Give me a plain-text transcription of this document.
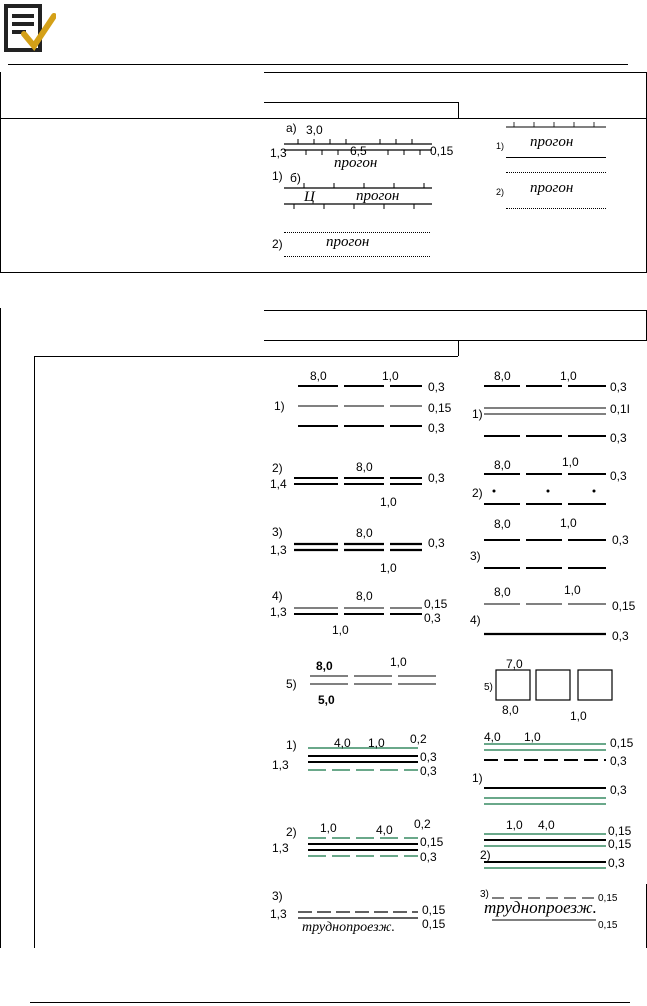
а) 3,0
1,3	6,5	0,15
прогон
1) б)
Ц	прогон
2)	прогон
1) прогон
2) прогон
8,0	1,0
0,3
1)	0,15
0,3
2)	8,0
1,4	0,3
1,0
3)	8,0
1,3	0,3
1,0
4)	8,0
1,3
0,15
0,3
1,0
8,0	1,0
5)
5,0
1)	4,0 1,0 0,2
0,3
1,3	0,3
2) 1,0	4,0 0,2
1,3	0,15
0,3
3)
1,3	0,15
0,15
труднопроезж.
8,0	1,0
0,3
0,1І
1)
0,3
8,0	1,0
0,3
2)
8,0	1,0
0,3
3)
8,0	1,0
0,15
4)
0,3
7,0
5)
8,0	1,0
4,0 1,0	0,15
0,3
1)
0,3
1,0 4,0	0,15
0,15
2)
0,3
3)	0,15
труднопроезж.
0,15
